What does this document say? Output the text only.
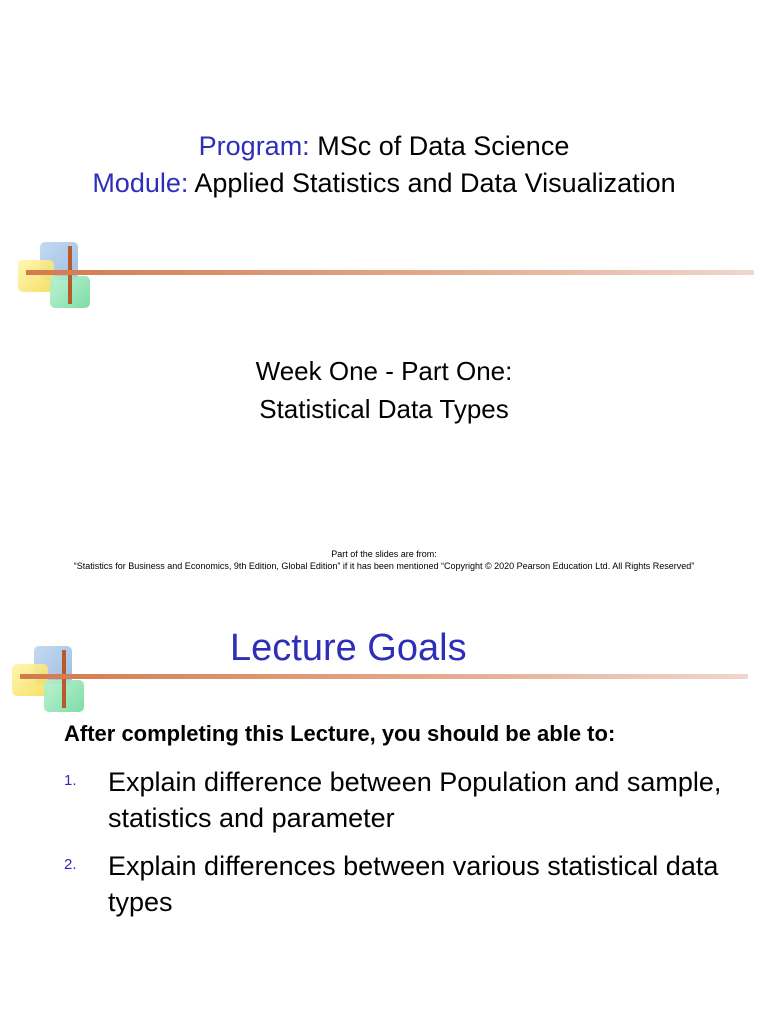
Program: MSc of Data Science
Module: Applied Statistics and Data Visualization
Week One - Part One:
Statistical Data Types
Part of the slides are from:
“Statistics for Business and Economics, 9th Edition, Global Edition” if it has been mentioned “Copyright © 2020 Pearson Education Ltd. All Rights Reserved”
Lecture Goals
After completing this Lecture, you should be able to:
1. Explain difference between Population and sample, statistics and parameter
2. Explain differences between various statistical data types
